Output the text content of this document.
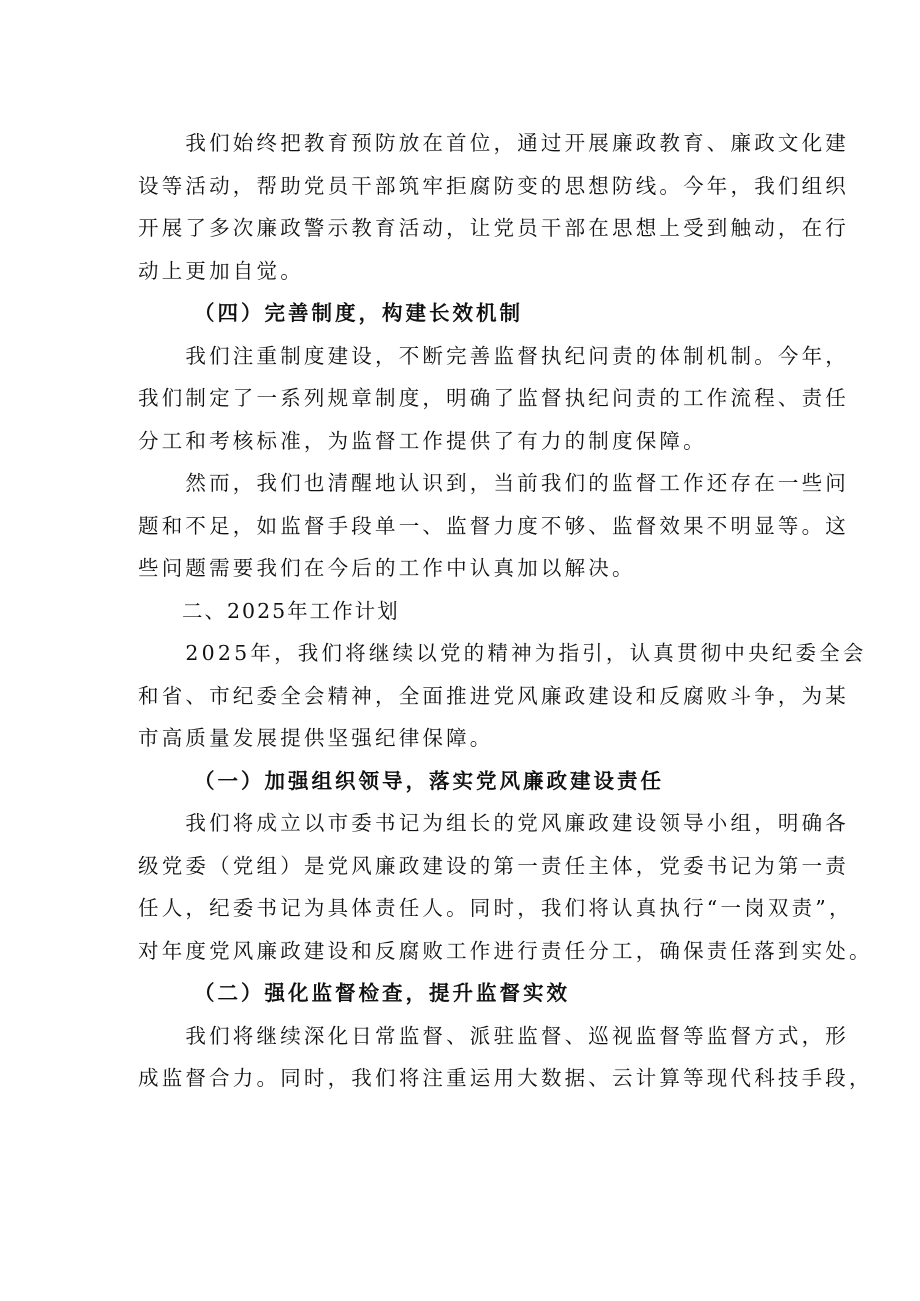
　　我们始终把教育预防放在首位，通过开展廉政教育、廉政文化建
设等活动，帮助党员干部筑牢拒腐防变的思想防线。今年，我们组织
开展了多次廉政警示教育活动，让党员干部在思想上受到触动，在行
动上更加自觉。

（四）完善制度，构建长效机制

　　我们注重制度建设，不断完善监督执纪问责的体制机制。今年，
我们制定了一系列规章制度，明确了监督执纪问责的工作流程、责任
分工和考核标准，为监督工作提供了有力的制度保障。

　　然而，我们也清醒地认识到，当前我们的监督工作还存在一些问
题和不足，如监督手段单一、监督力度不够、监督效果不明显等。这
些问题需要我们在今后的工作中认真加以解决。

二、2025年工作计划

　　2025年，我们将继续以党的精神为指引，认真贯彻中央纪委全会
和省、市纪委全会精神，全面推进党风廉政建设和反腐败斗争，为某
市高质量发展提供坚强纪律保障。

（一）加强组织领导，落实党风廉政建设责任

　　我们将成立以市委书记为组长的党风廉政建设领导小组，明确各
级党委（党组）是党风廉政建设的第一责任主体，党委书记为第一责
任人，纪委书记为具体责任人。同时，我们将认真执行“一岗双责”，
对年度党风廉政建设和反腐败工作进行责任分工，确保责任落到实处。

（二）强化监督检查，提升监督实效

　　我们将继续深化日常监督、派驻监督、巡视监督等监督方式，形
成监督合力。同时，我们将注重运用大数据、云计算等现代科技手段，
